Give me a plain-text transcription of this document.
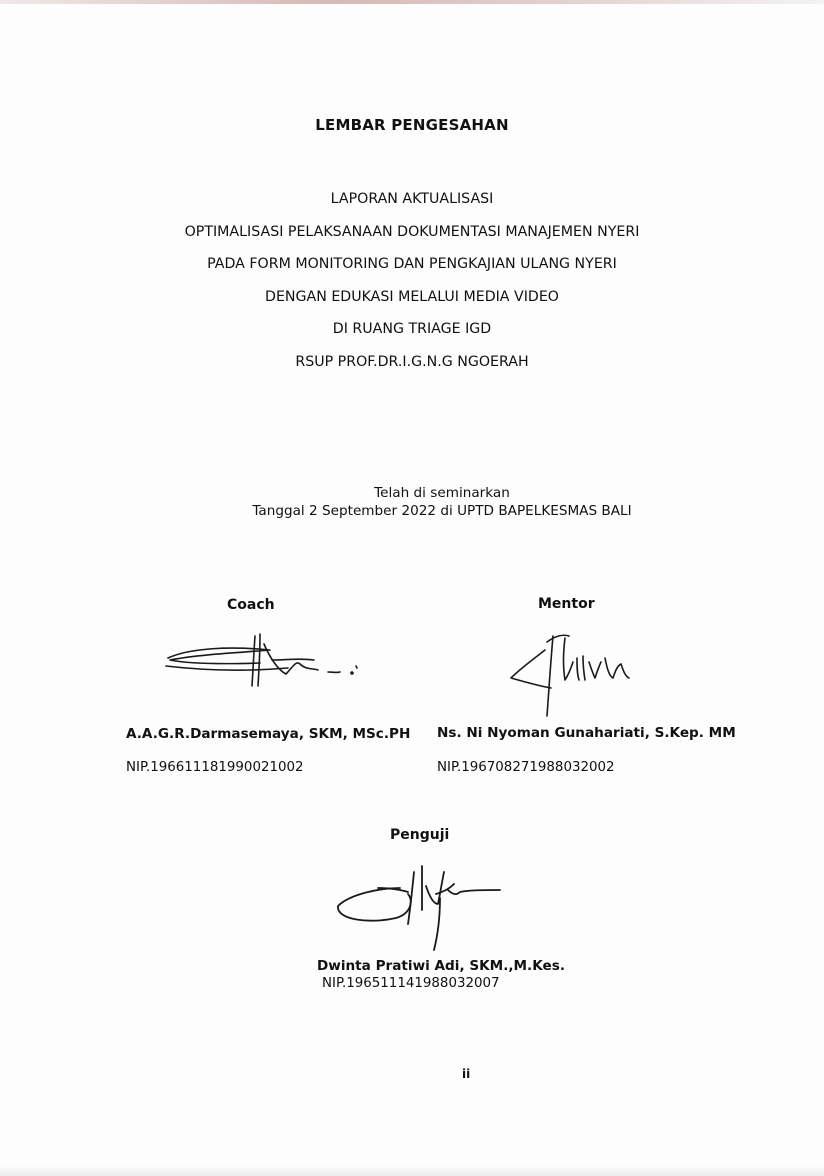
LEMBAR PENGESAHAN
LAPORAN AKTUALISASI
OPTIMALISASI PELAKSANAAN DOKUMENTASI MANAJEMEN NYERI
PADA FORM MONITORING DAN PENGKAJIAN ULANG NYERI
DENGAN EDUKASI MELALUI MEDIA VIDEO
DI RUANG TRIAGE IGD
RSUP PROF.DR.I.G.N.G NGOERAH
Telah di seminarkan
Tanggal 2 September 2022 di UPTD BAPELKESMAS BALI
Coach
A.A.G.R.Darmasemaya, SKM, MSc.PH
NIP.196611181990021002
Mentor
Ns. Ni Nyoman Gunahariati, S.Kep. MM
NIP.196708271988032002
Penguji
Dwinta Pratiwi Adi, SKM.,M.Kes.
NIP.196511141988032007
ii
